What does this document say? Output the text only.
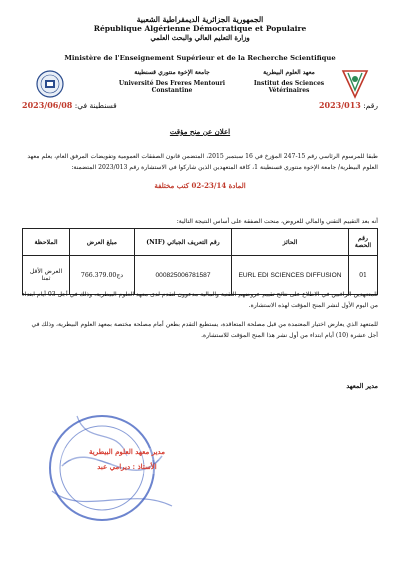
الجمهورية الجزائرية الديمقراطية الشعبية
République Algérienne Démocratique et Populaire
وزارة التعليم العالي والبحث العلمي
Ministère de l'Enseignement Supérieur et de la Recherche Scientifique
جامعة الإخوة منتوري قسنطينة
Université Des Freres Mentouri Constantine
معهد العلوم البيطرية
Institut des Sciences Vétérinaires
رقم: 2023/013
قسنطينة في: 2023/06/08
اعلان عن منح مؤقت
طبقا للمرسوم الرئاسي رقم 15-247 المؤرخ في 16 سبتمبر 2015، المتضمن قانون الصفقات العمومية وتفويضات المرفق العام، يعلم معهد العلوم البيطرية/ جامعة الإخوة منتوري قسنطينة 1، كافة المتعهدين الذين شاركوا في الاستشارة رقم 2023/013 المتضمنة:
المادة 23/14-02 كتب مختلفة
أنه بعد التقييم التقني والمالي للعروض، منحت الصفقة على أساس النتيجة التالية:
رقم الحصة	الحائز	رقم التعريف الجبائي (NIF)	مبلغ العرض	الملاحظة
01	EURL EDI SCIENCES DIFFUSION	000825006781587	766.379.00دج	العرض الأقل ثمنا
للمتعهدين الراغبين في الاطلاع على نتائج تقييم عروضهم التقنية والمالية مدعوون لتقدم لدى معهد العلوم البيطرية، وذلك في أجل 03 أيام ابتداء من اليوم الأول لنشر المنح المؤقت لهذه الاستشارة.
للمتعهد الذي يعارض اختيار المعتمدة من قبل مصلحة المتعاقدة، يستطيع التقدم بطعن أمام مصلحة مختصة بمعهد العلوم البيطرية، وذلك في أجل عشرة (10) أيام ابتداء من أول نشر هذا المنح المؤقت للاستشارة.
مدير المعهد
مدير معهد العلوم البيطرية
الأستاذ : ديرامي عبد
